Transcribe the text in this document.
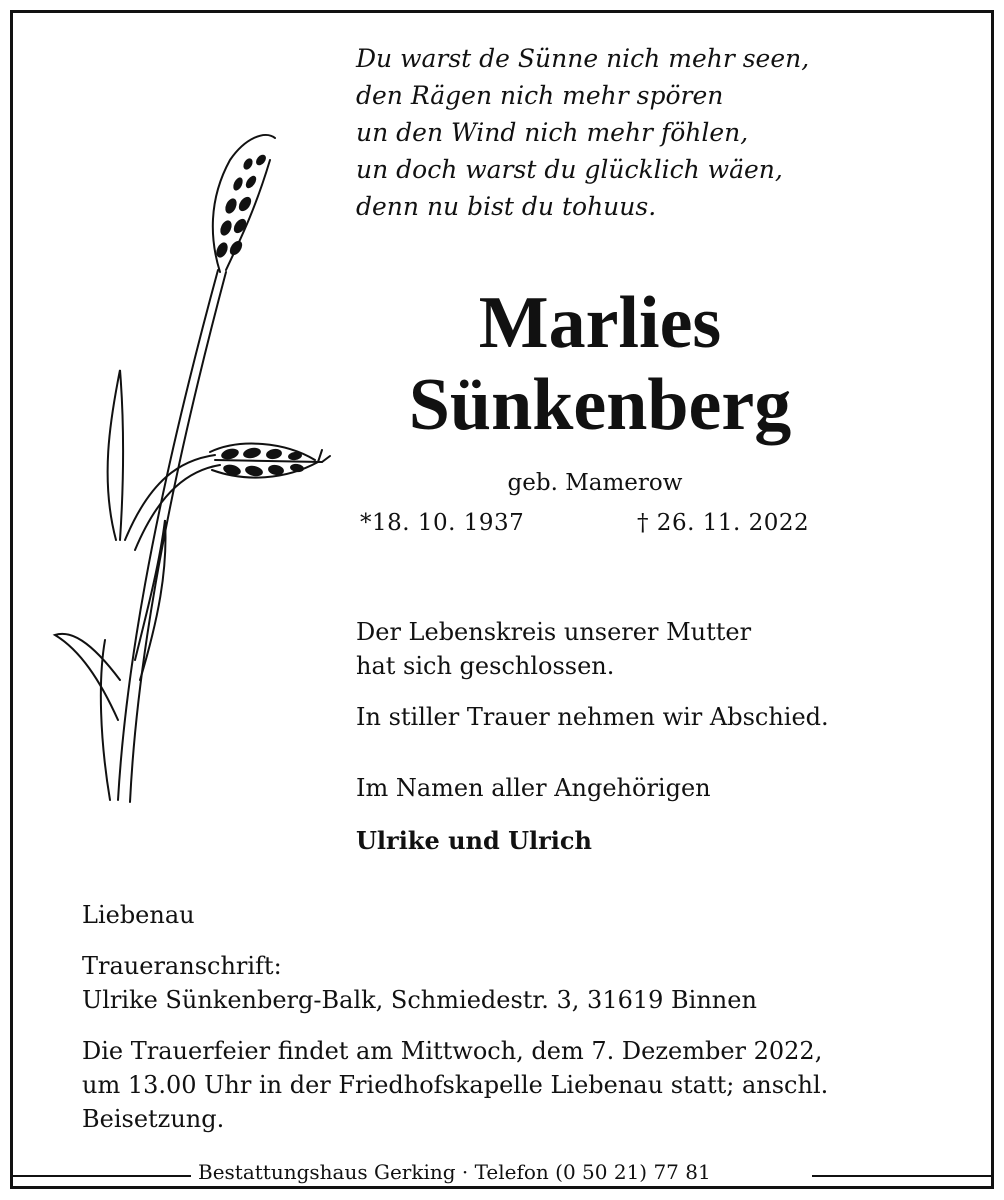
Du warst de Sünne nich mehr seen,
den Rägen nich mehr spören
un den Wind nich mehr föhlen,
un doch warst du glücklich wäen,
denn nu bist du tohuus.
Marlies
Sünkenberg
geb. Mamerow
*18. 10. 1937	† 26. 11. 2022
Der Lebenskreis unserer Mutter
hat sich geschlossen.
In stiller Trauer nehmen wir Abschied.
Im Namen aller Angehörigen
Ulrike und Ulrich
Liebenau
Traueranschrift:
Ulrike Sünkenberg-Balk, Schmiedestr. 3, 31619 Binnen
Die Trauerfeier findet am Mittwoch, dem 7. Dezember 2022,
um 13.00 Uhr in der Friedhofskapelle Liebenau statt; anschl.
Beisetzung.
Bestattungshaus Gerking · Telefon (0 50 21) 77 81
